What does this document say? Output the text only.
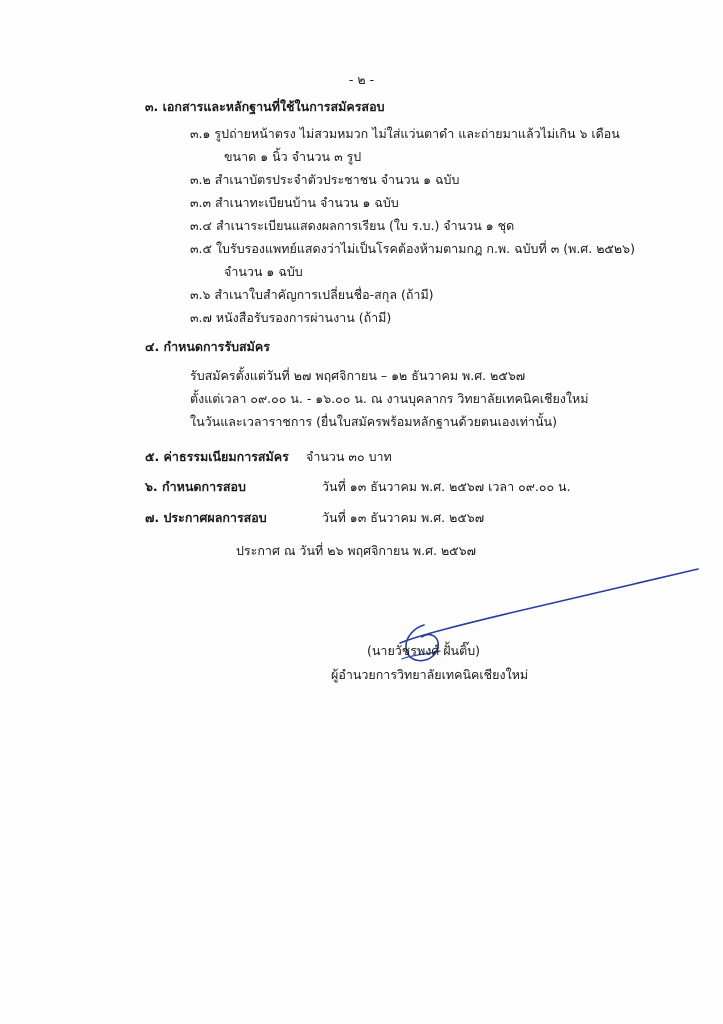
- ๒ -
๓. เอกสารและหลักฐานที่ใช้ในการสมัครสอบ
๓.๑ รูปถ่ายหน้าตรง ไม่สวมหมวก ไม่ใส่แว่นตาดำ และถ่ายมาแล้วไม่เกิน ๖ เดือน
ขนาด ๑ นิ้ว จำนวน ๓ รูป
๓.๒ สำเนาบัตรประจำตัวประชาชน จำนวน ๑ ฉบับ
๓.๓ สำเนาทะเบียนบ้าน จำนวน ๑ ฉบับ
๓.๔ สำเนาระเบียนแสดงผลการเรียน (ใบ ร.บ.) จำนวน ๑ ชุด
๓.๕ ใบรับรองแพทย์แสดงว่าไม่เป็นโรคต้องห้ามตามกฎ ก.พ. ฉบับที่ ๓ (พ.ศ. ๒๕๒๖)
จำนวน ๑ ฉบับ
๓.๖ สำเนาใบสำคัญการเปลี่ยนชื่อ-สกุล (ถ้ามี)
๓.๗ หนังสือรับรองการผ่านงาน (ถ้ามี)
๔. กำหนดการรับสมัคร
รับสมัครตั้งแต่วันที่ ๒๗ พฤศจิกายน – ๑๒ ธันวาคม พ.ศ. ๒๕๖๗
ตั้งแต่เวลา ๐๙.๐๐ น. - ๑๖.๐๐ น. ณ งานบุคลากร วิทยาลัยเทคนิคเชียงใหม่
ในวันและเวลาราชการ (ยื่นใบสมัครพร้อมหลักฐานด้วยตนเองเท่านั้น)
๕. ค่าธรรมเนียมการสมัคร จำนวน ๓๐ บาท
๖. กำหนดการสอบ	วันที่ ๑๓ ธันวาคม พ.ศ. ๒๕๖๗ เวลา ๐๙.๐๐ น.
๗. ประกาศผลการสอบ	วันที่ ๑๓ ธันวาคม พ.ศ. ๒๕๖๗
ประกาศ ณ วันที่ ๒๖ พฤศจิกายน พ.ศ. ๒๕๖๗
(นายวัชรพงศ์ ฝั้นติ๊บ)
ผู้อำนวยการวิทยาลัยเทคนิคเชียงใหม่
